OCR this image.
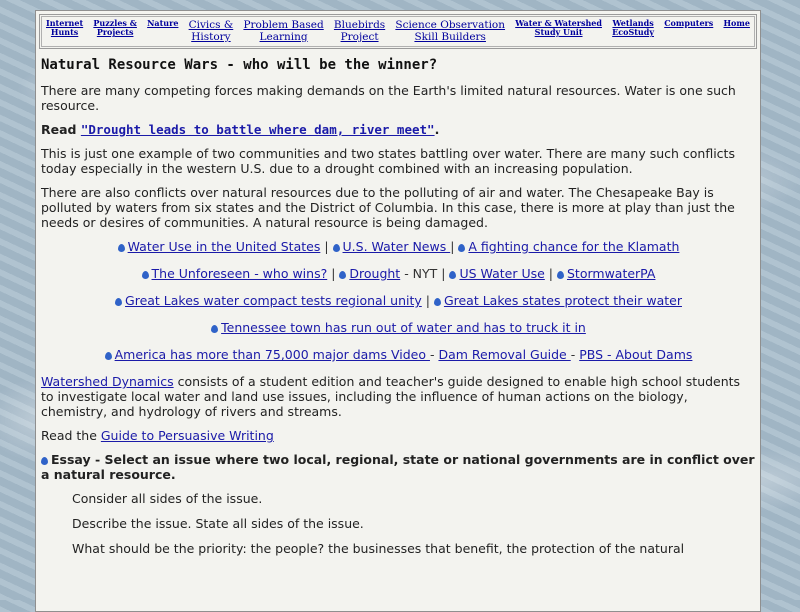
Internet
Hunts
Puzzles &
Projects
Nature Civics &
History
Problem Based
Learning
Bluebirds
Project
Science Observation
Skill Builders
Water & Watershed
Study Unit
Wetlands
EcoStudy
Computers Home
Natural Resource Wars - who will be the winner?

There are many competing forces making demands on the Earth's limited natural resources. Water is one such resource.

Read "Drought leads to battle where dam, river meet".

This is just one example of two communities and two states battling over water. There are many such conflicts today especially in the western U.S. due to a drought combined with an increasing population.

There are also conflicts over natural resources due to the polluting of air and water. The Chesapeake Bay is polluted by waters from six states and the District of Columbia. In this case, there is more at play than just the needs or desires of communities. A natural resource is being damaged.

Water Use in the United States | U.S. Water News | A fighting chance for the Klamath
The Unforeseen - who wins? | Drought - NYT | US Water Use | StormwaterPA
Great Lakes water compact tests regional unity | Great Lakes states protect their water
Tennessee town has run out of water and has to truck it in
America has more than 75,000 major dams Video - Dam Removal Guide - PBS - About Dams

Watershed Dynamics consists of a student edition and teacher's guide designed to enable high school students to investigate local water and land use issues, including the influence of human actions on the biology, chemistry, and hydrology of rivers and streams.

Read the Guide to Persuasive Writing

Essay - Select an issue where two local, regional, state or national governments are in conflict over a natural resource.

Consider all sides of the issue.

Describe the issue. State all sides of the issue.

What should be the priority: the people? the businesses that benefit, the protection of the natural
